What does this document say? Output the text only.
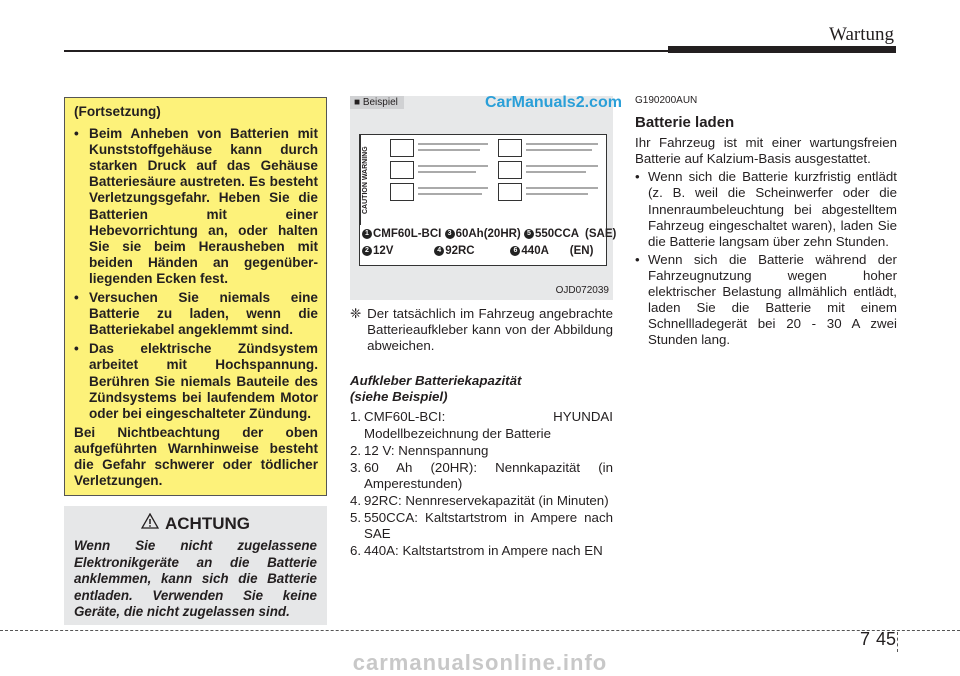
Wartung

(Fortsetzung)

• Beim Anheben von Batterien mit Kunststoffgehäuse kann durch starken Druck auf das Gehäuse Batteriesäure austreten. Es besteht Verletzungsgefahr. Heben Sie die Batterien mit einer Hebevorrichtung an, oder halten Sie sie beim Herausheben mit beiden Händen an gegenüber-liegenden Ecken fest.
• Versuchen Sie niemals eine Batterie zu laden, wenn die Batteriekabel angeklemmt sind.
• Das elektrische Zündsystem arbeitet mit Hochspannung. Berühren Sie niemals Bauteile des Zündsystems bei laufendem Motor oder bei eingeschalteter Zündung.

Bei Nichtbeachtung der oben aufgeführten Warnhinweise besteht die Gefahr schwerer oder tödlicher Verletzungen.

ACHTUNG

Wenn Sie nicht zugelassene Elektronikgeräte an die Batterie anklemmen, kann sich die Batterie entladen. Verwenden Sie keine Geräte, die nicht zugelassen sind.

■ Beispiel	CarManuals2.com
CAUTION WARNING
1 CMF60L-BCI 3 60Ah(20HR) 5 550CCA (SAE)
2 12V	4 92RC	6 440A (EN)
OJD072039
❈ Der tatsächlich im Fahrzeug angebrachte Batterieaufkleber kann von der Abbildung abweichen.
Aufkleber Batteriekapazität
(siehe Beispiel)
1. CMF60L-BCI: HYUNDAI Modellbezeichnung der Batterie
2. 12 V: Nennspannung
3. 60 Ah (20HR): Nennkapazität (in Amperestunden)
4. 92RC: Nennreservekapazität (in Minuten)
5. 550CCA: Kaltstartstrom in Ampere nach SAE
6. 440A: Kaltstartstrom in Ampere nach EN
G190200AUN
Batterie laden

Ihr Fahrzeug ist mit einer wartungsfreien Batterie auf Kalzium-Basis ausgestattet.

• Wenn sich die Batterie kurzfristig entlädt (z. B. weil die Scheinwerfer oder die Innenraumbeleuchtung bei abgestelltem Fahrzeug eingeschaltet waren), laden Sie die Batterie langsam über zehn Stunden.
• Wenn sich die Batterie während der Fahrzeugnutzung wegen hoher elektrischer Belastung allmählich entlädt, laden Sie die Batterie mit einem Schnellladegerät bei 20 - 30 A zwei Stunden lang.
7 45
carmanualsonline.info
